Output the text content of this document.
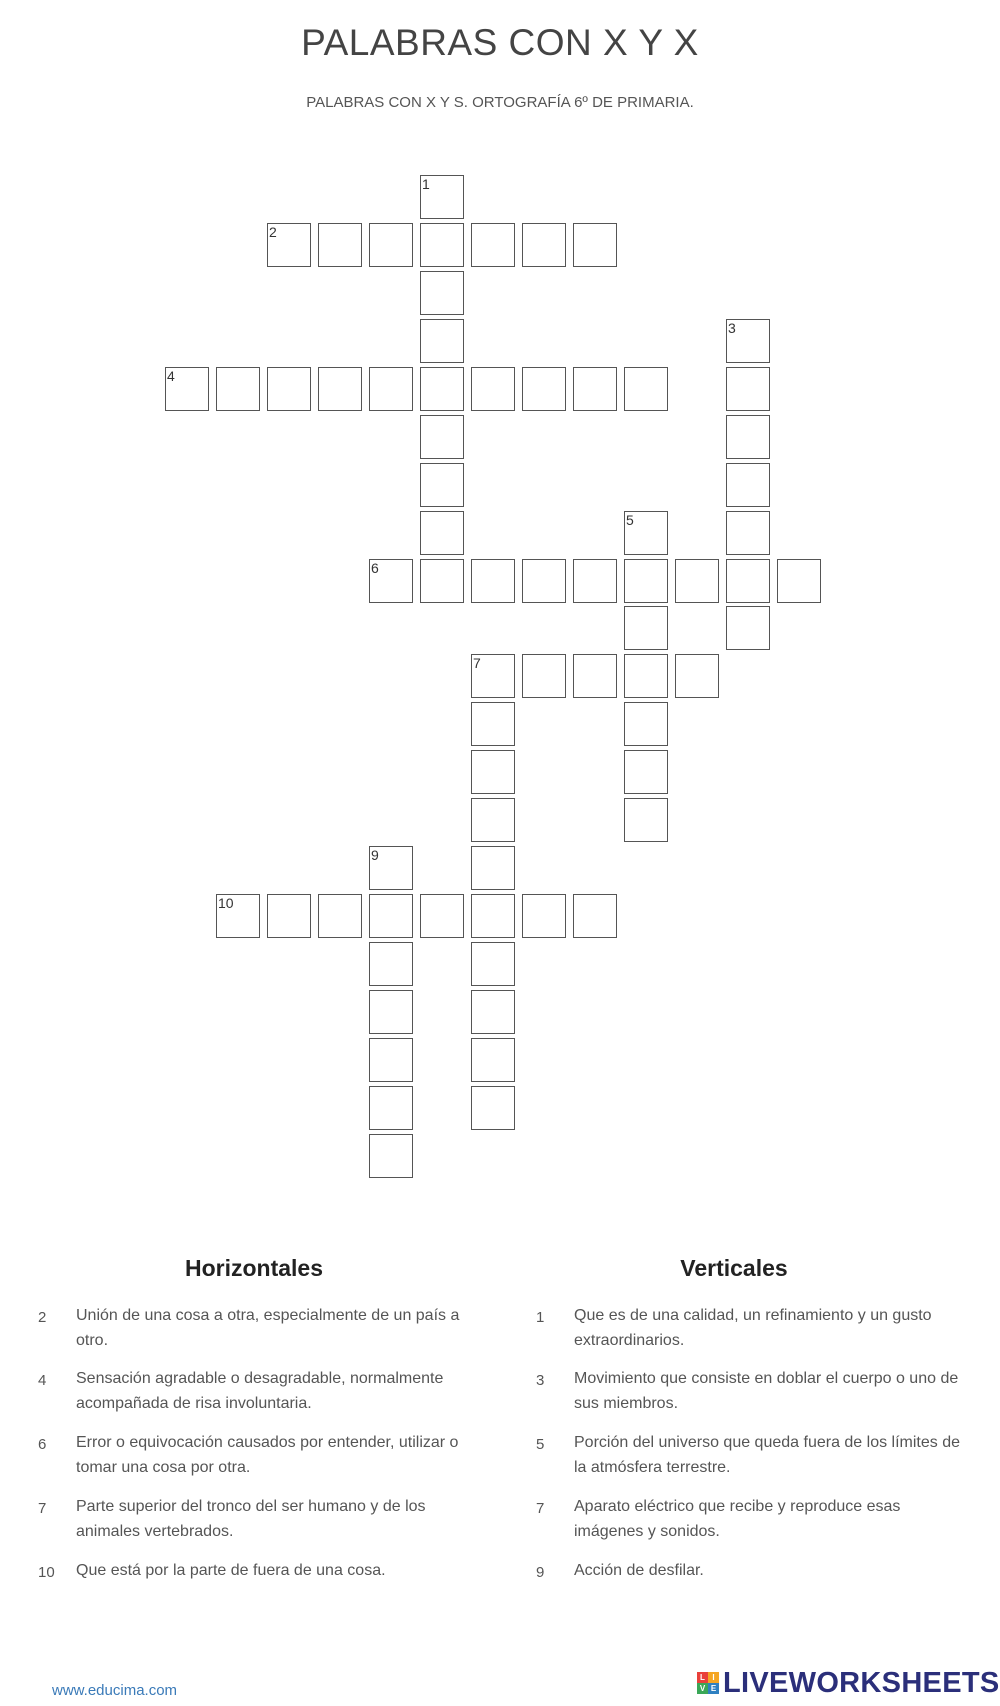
PALABRAS CON X Y X
PALABRAS CON X Y S. ORTOGRAFÍA 6º DE PRIMARIA.
1
2
3
4
5
6
7
9
10
Horizontales
2	Unión de una cosa a otra, especialmente de un país a otro.
4	Sensación agradable o desagradable, normalmente acompañada de risa involuntaria.
6	Error o equivocación causados por entender, utilizar o tomar una cosa por otra.
7	Parte superior del tronco del ser humano y de los animales vertebrados.
10	Que está por la parte de fuera de una cosa.
Verticales
1	Que es de una calidad, un refinamiento y un gusto extraordinarios.
3	Movimiento que consiste en doblar el cuerpo o uno de sus miembros.
5	Porción del universo que queda fuera de los límites de la atmósfera terrestre.
7	Aparato eléctrico que recibe y reproduce esas imágenes y sonidos.
9	Acción de desfilar.
www.educima.com
L I
V E LIVEWORKSHEETS
